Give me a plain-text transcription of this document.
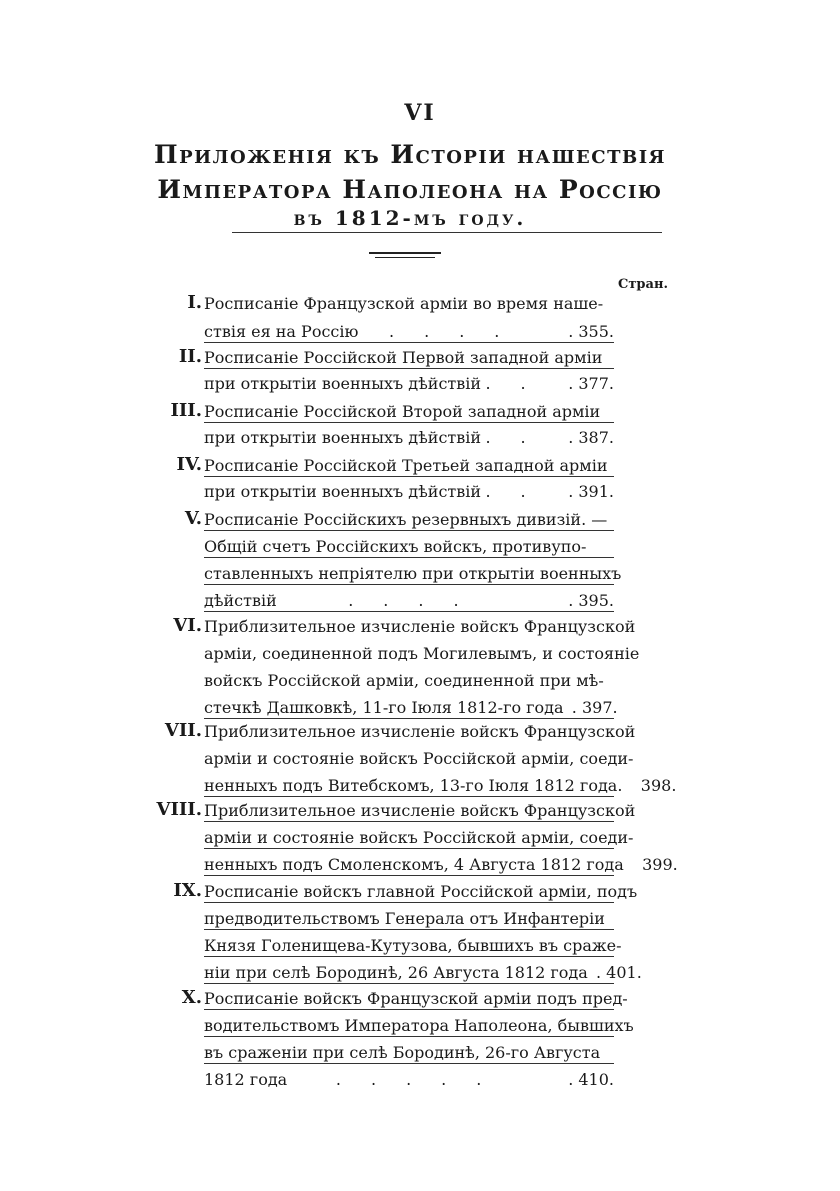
VI
Приложенія къ Исторіи нашествія
Императора Наполеона на Россію
въ 1812-мъ году.
Стран.
I. Росписаніе Французской арміи во время наше-
ствія ея на Россію	....	. 355.
II. Росписаніе Россійской Первой западной арміи
при открытіи военныхъ дѣйствій .. . 377.
III. Росписаніе Россійской Второй западной арміи
при открытіи военныхъ дѣйствій .. . 387.
IV. Росписаніе Россійской Третьей западной арміи
при открытіи военныхъ дѣйствій .. . 391.
V. Росписаніе Россійскихъ резервныхъ дивизій. —
Общій счетъ Россійскихъ войскъ, противупо-
ставленныхъ непріятелю при открытіи военныхъ
дѣйствій	....	. 395.
VI. Приблизительное изчисленіе войскъ Французской
арміи, соединенной подъ Могилевымъ, и состояніе
войскъ Россійской арміи, соединенной при мѣ-
стечкѣ Дашковкѣ, 11-го Іюля 1812-го года . 397.
VII. Приблизительное изчисленіе войскъ Французской
арміи и состояніе войскъ Россійской арміи, соеди-
ненныхъ подъ Витебскомъ, 13-го Іюля 1812 года.	398.
VIII. Приблизительное изчисленіе войскъ Французской
арміи и состояніе войскъ Россійской арміи, соеди-
ненныхъ подъ Смоленскомъ, 4 Августа 1812 года	399.
IX. Росписаніе войскъ главной Россійской арміи, подъ
предводительствомъ Генерала отъ Инфантеріи
Князя Голенищева-Кутузова, бывшихъ въ сраже-
ніи при селѣ Бородинѣ, 26 Августа 1812 года . 401.
X. Росписаніе войскъ Французской арміи подъ пред-
водительствомъ Императора Наполеона, бывшихъ
въ сраженіи при селѣ Бородинѣ, 26-го Августа
1812 года	.....	. 410.
